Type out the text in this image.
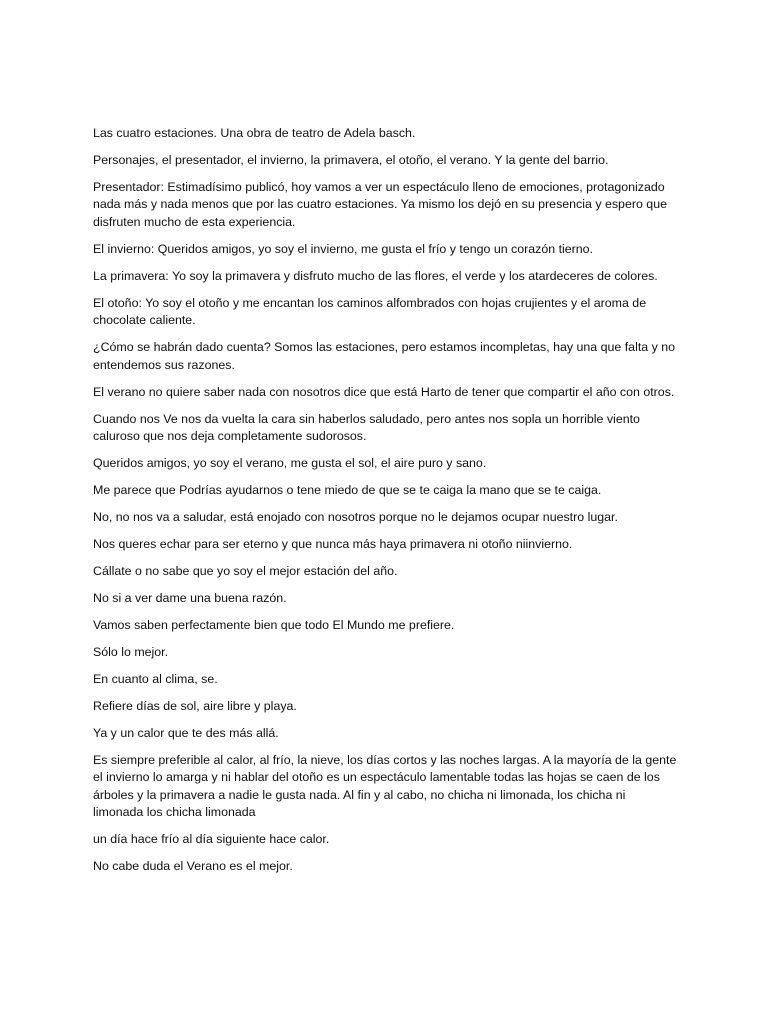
Las cuatro estaciones. Una obra de teatro de Adela basch.

Personajes, el presentador, el invierno, la primavera, el otoño, el verano. Y la gente del barrio.

Presentador: Estimadísimo publicó, hoy vamos a ver un espectáculo lleno de emociones, protagonizado nada más y nada menos que por las cuatro estaciones. Ya mismo los dejó en su presencia y espero que disfruten mucho de esta experiencia.

El invierno: Queridos amigos, yo soy el invierno, me gusta el frío y tengo un corazón tierno.

La primavera: Yo soy la primavera y disfruto mucho de las flores, el verde y los atardeceres de colores.

El otoño: Yo soy el otoño y me encantan los caminos alfombrados con hojas crujientes y el aroma de chocolate caliente.

¿Cómo se habrán dado cuenta? Somos las estaciones, pero estamos incompletas, hay una que falta y no entendemos sus razones.

El verano no quiere saber nada con nosotros dice que está Harto de tener que compartir el año con otros.

Cuando nos Ve nos da vuelta la cara sin haberlos saludado, pero antes nos sopla un horrible viento caluroso que nos deja completamente sudorosos.

Queridos amigos, yo soy el verano, me gusta el sol, el aire puro y sano.

Me parece que Podrías ayudarnos o tene miedo de que se te caiga la mano que se te caiga.

No, no nos va a saludar, está enojado con nosotros porque no le dejamos ocupar nuestro lugar.

Nos queres echar para ser eterno y que nunca más haya primavera ni otoño niinvierno.

Cállate o no sabe que yo soy el mejor estación del año.

No si a ver dame una buena razón.

Vamos saben perfectamente bien que todo El Mundo me prefiere.

Sólo lo mejor.

En cuanto al clima, se.

Refiere días de sol, aire libre y playa.

Ya y un calor que te des más allá.

Es siempre preferible al calor, al frío, la nieve, los días cortos y las noches largas. A la mayoría de la gente el invierno lo amarga y ni hablar del otoño es un espectáculo lamentable todas las hojas se caen de los árboles y la primavera a nadie le gusta nada. Al fin y al cabo, no chicha ni limonada, los chicha ni limonada los chicha limonada

un día hace frío al día siguiente hace calor.

No cabe duda el Verano es el mejor.
